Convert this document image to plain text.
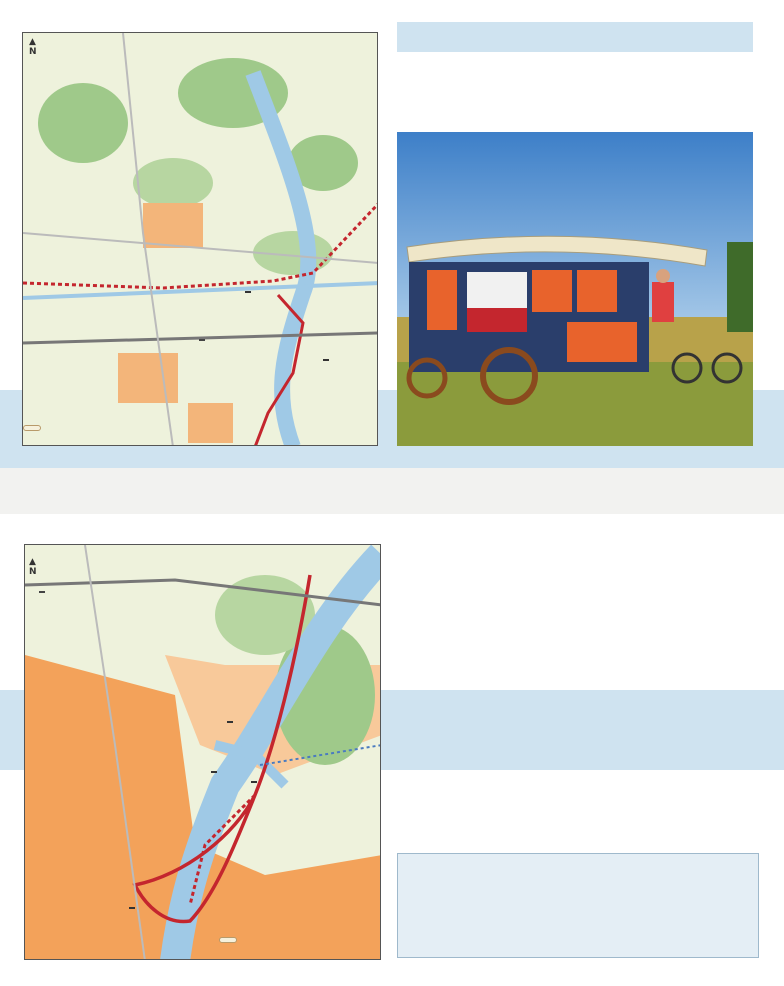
▲
N
▲
N
